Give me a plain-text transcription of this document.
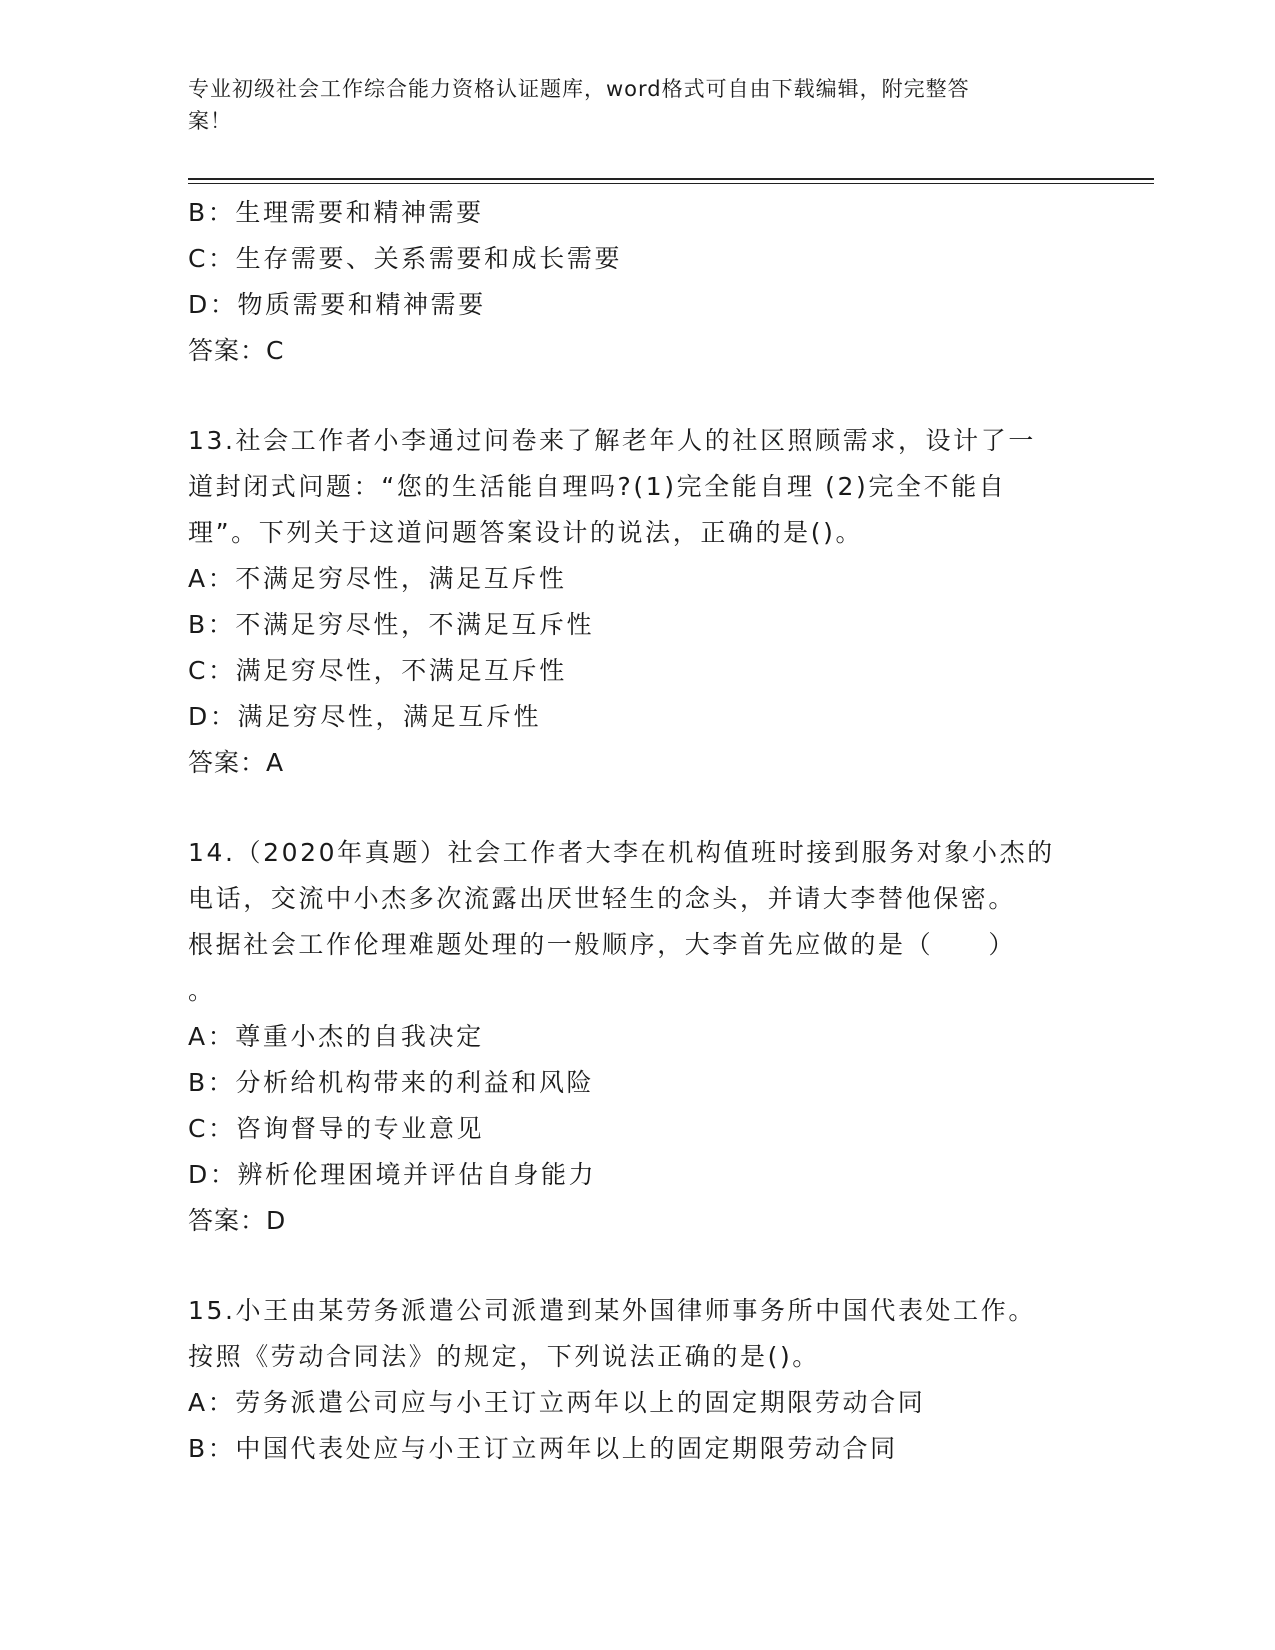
专业初级社会工作综合能力资格认证题库，word格式可自由下载编辑，附完整答
案！
B：生理需要和精神需要
C：生存需要、关系需要和成长需要
D：物质需要和精神需要
答案：C
13.社会工作者小李通过问卷来了解老年人的社区照顾需求，设计了一
道封闭式问题：“您的生活能自理吗?(1)完全能自理 (2)完全不能自
理”。下列关于这道问题答案设计的说法，正确的是()。
A：不满足穷尽性，满足互斥性
B：不满足穷尽性，不满足互斥性
C：满足穷尽性，不满足互斥性
D：满足穷尽性，满足互斥性
答案：A
14.（2020年真题）社会工作者大李在机构值班时接到服务对象小杰的
电话，交流中小杰多次流露出厌世轻生的念头，并请大李替他保密。
根据社会工作伦理难题处理的一般顺序，大李首先应做的是（　　）
。
A：尊重小杰的自我决定
B：分析给机构带来的利益和风险
C：咨询督导的专业意见
D：辨析伦理困境并评估自身能力
答案：D
15.小王由某劳务派遣公司派遣到某外国律师事务所中国代表处工作。
按照《劳动合同法》的规定，下列说法正确的是()。
A：劳务派遣公司应与小王订立两年以上的固定期限劳动合同
B：中国代表处应与小王订立两年以上的固定期限劳动合同
